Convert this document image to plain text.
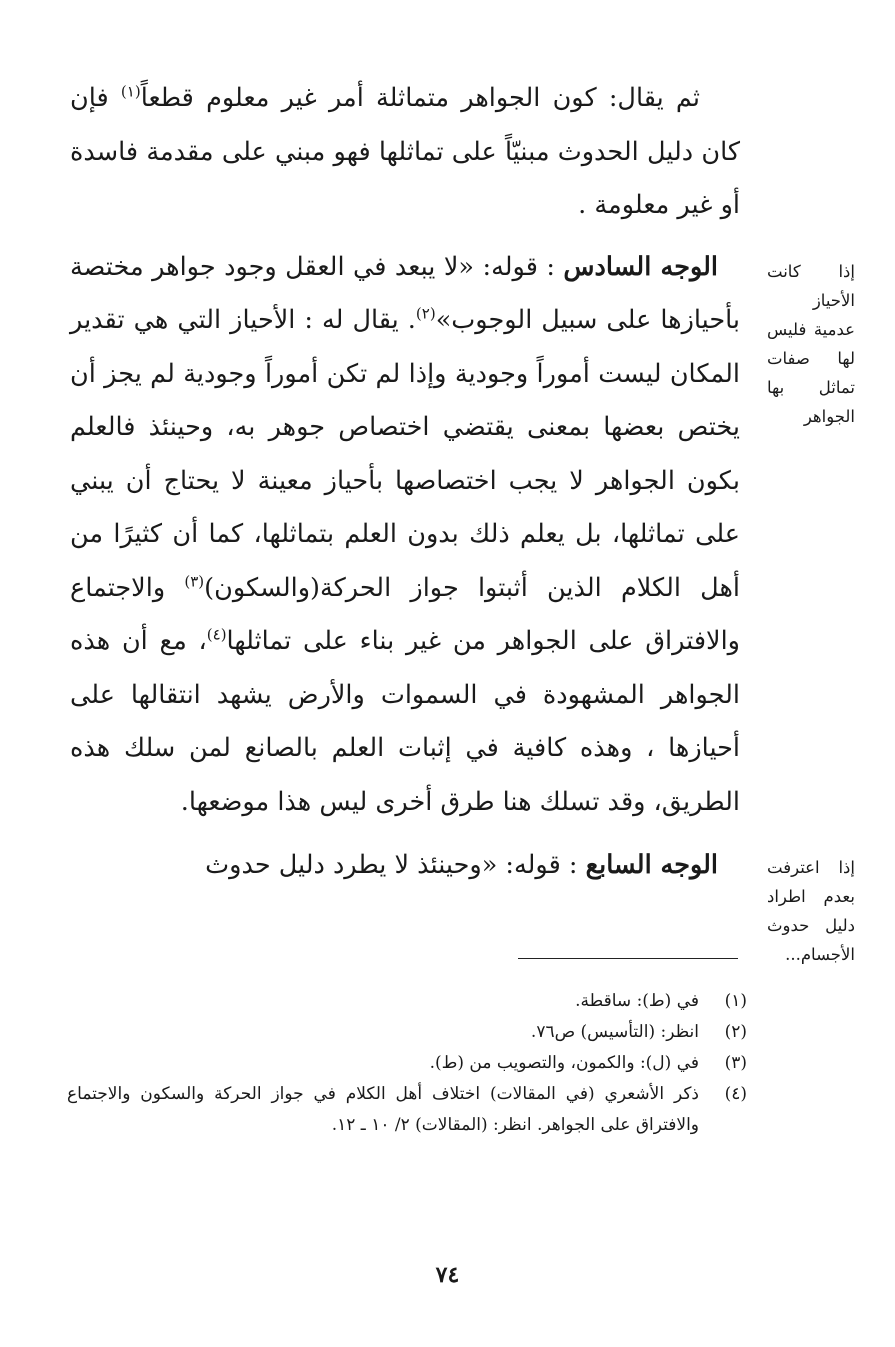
ثم يقال: كون الجواهر متماثلة أمر غير معلوم قطعاً$^{(١)}$ فإن كان دليل الحدوث مبنيّاً على تماثلها فهو مبني على مقدمة فاسدة أو غير معلومة .

الوجه السادس : قوله: «لا يبعد في العقل وجود جواهر مختصة بأحيازها على سبيل الوجوب»$^{(٢)}$. يقال له : الأحياز التي هي تقدير المكان ليست أموراً وجودية وإذا لم تكن أموراً وجودية لم يجز أن يختص بعضها بمعنى يقتضي اختصاص جوهر به، وحينئذ فالعلم بكون الجواهر لا يجب اختصاصها بأحياز معينة لا يحتاج أن يبني على تماثلها، بل يعلم ذلك بدون العلم بتماثلها، كما أن كثيرًا من أهل الكلام الذين أثبتوا جواز الحركة(والسكون)$^{(٣)}$ والاجتماع والافتراق على الجواهر من غير بناء على تماثلها$^{(٤)}$، مع أن هذه الجواهر المشهودة في السموات والأرض يشهد انتقالها على أحيازها ، وهذه كافية في إثبات العلم بالصانع لمن سلك هذه الطريق، وقد تسلك هنا طرق أخرى ليس هذا موضعها.

الوجه السابع : قوله: «وحينئذ لا يطرد دليل حدوث

إذا كانت الأحياز عدمية فليس لها صفات تماثل بها الجواهر
إذا اعترفت بعدم اطراد دليل حدوث الأجسام...
(١)
في (ط): ساقطة.
(٢)
انظر: (التأسيس) ص٧٦.
(٣)
في (ل): والكمون، والتصويب من (ط).
(٤)
ذكر الأشعري (في المقالات) اختلاف أهل الكلام في جواز الحركة والسكون والاجتماع والافتراق على الجواهر. انظر: (المقالات) ٢/ ١٠ ـ ١٢.
٧٤
